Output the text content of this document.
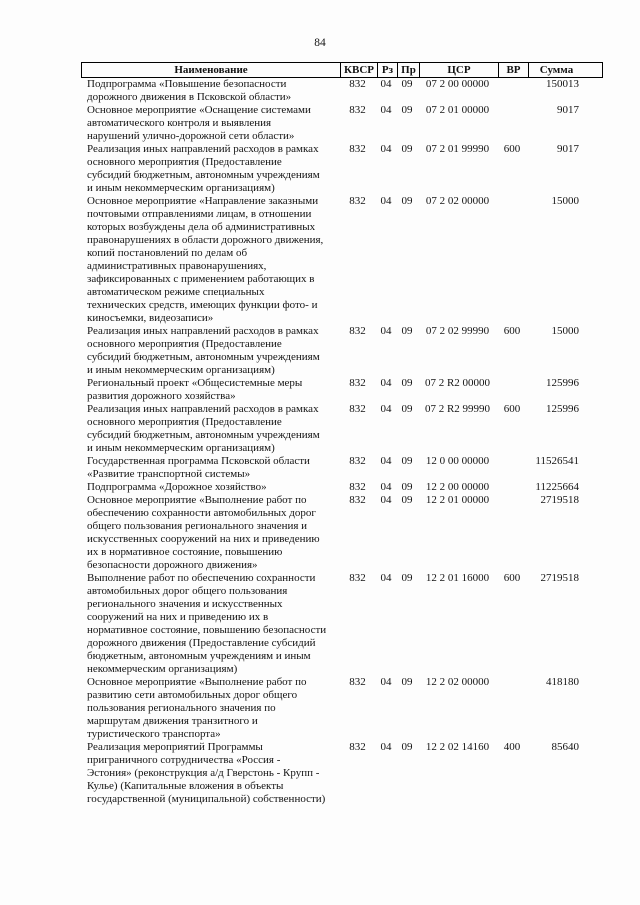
84
Наименование	КВСР Рз Пр	ЦСР	ВР	Сумма
Подпрограмма «Повышение безопасности
дорожного движения в Псковской области»
832	04 09	07 2 00 00000	150013
Основное мероприятие «Оснащение системами
автоматического контроля и выявления
нарушений улично-дорожной сети области»
832	04 09	07 2 01 00000	9017
Реализация иных направлений расходов в рамках
основного мероприятия (Предоставление
субсидий бюджетным, автономным учреждениям
и иным некоммерческим организациям)
832	04 09	07 2 01 99990	600	9017
Основное мероприятие «Направление заказными
почтовыми отправлениями лицам, в отношении
которых возбуждены дела об административных
правонарушениях в области дорожного движения,
копий постановлений по делам об
административных правонарушениях,
зафиксированных с применением работающих в
автоматическом режиме специальных
технических средств, имеющих функции фото- и
киносъемки, видеозаписи»
832	04 09	07 2 02 00000	15000
Реализация иных направлений расходов в рамках
основного мероприятия (Предоставление
субсидий бюджетным, автономным учреждениям
и иным некоммерческим организациям)
832	04 09	07 2 02 99990	600	15000
Региональный проект «Общесистемные меры
развития дорожного хозяйства»
832	04 09	07 2 R2 00000	125996
Реализация иных направлений расходов в рамках
основного мероприятия (Предоставление
субсидий бюджетным, автономным учреждениям
и иным некоммерческим организациям)
832	04 09	07 2 R2 99990	600	125996
Государственная программа Псковской области
«Развитие транспортной системы»
832	04 09	12 0 00 00000	11526541
Подпрограмма «Дорожное хозяйство»	832	04 09	12 2 00 00000	11225664
Основное мероприятие «Выполнение работ по
обеспечению сохранности автомобильных дорог
общего пользования регионального значения и
искусственных сооружений на них и приведению
их в нормативное состояние, повышению
безопасности дорожного движения»
832	04 09	12 2 01 00000	2719518
Выполнение работ по обеспечению сохранности
автомобильных дорог общего пользования
регионального значения и искусственных
сооружений на них и приведению их в
нормативное состояние, повышению безопасности
дорожного движения (Предоставление субсидий
бюджетным, автономным учреждениям и иным
некоммерческим организациям)
832	04 09	12 2 01 16000	600	2719518
Основное мероприятие «Выполнение работ по
развитию сети автомобильных дорог общего
пользования регионального значения по
маршрутам движения транзитного и
туристического транспорта»
832	04 09	12 2 02 00000	418180
Реализация мероприятий Программы
приграничного сотрудничества «Россия -
Эстония» (реконструкция а/д Гверстонь - Крупп -
Кулье) (Капитальные вложения в объекты
государственной (муниципальной) собственности)
832	04 09	12 2 02 14160	400	85640
